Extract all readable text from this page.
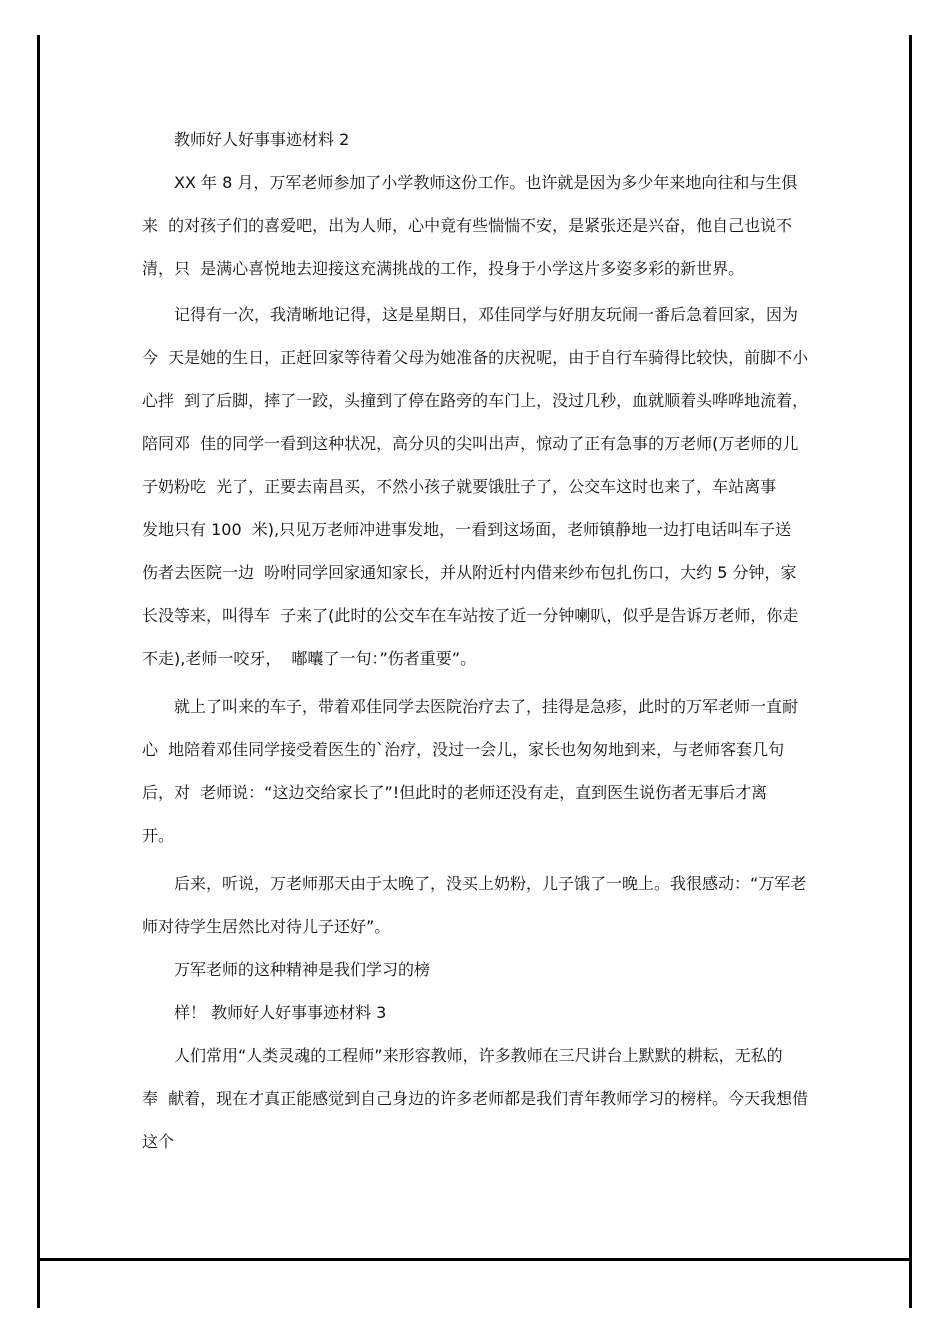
教师好人好事事迹材料 2
XX 年 8 月，万军老师参加了小学教师这份工作。也许就是因为多少年来地向往和与生俱
来  的对孩子们的喜爱吧，出为人师，心中竟有些惴惴不安，是紧张还是兴奋，他自己也说不
清，只  是满心喜悦地去迎接这充满挑战的工作，投身于小学这片多姿多彩的新世界。
记得有一次，我清晰地记得，这是星期日，邓佳同学与好朋友玩闹一番后急着回家，因为
今  天是她的生日，正赶回家等待着父母为她准备的庆祝呢，由于自行车骑得比较快，前脚不小
心拌  到了后脚，摔了一跤，头撞到了停在路旁的车门上，没过几秒，血就顺着头哗哗地流着，
陪同邓  佳的同学一看到这种状况，高分贝的尖叫出声，惊动了正有急事的万老师(万老师的儿
子奶粉吃  光了，正要去南昌买，不然小孩子就要饿肚子了，公交车这时也来了，车站离事
发地只有 100  米),只见万老师冲进事发地，一看到这场面，老师镇静地一边打电话叫车子送
伤者去医院一边  吩咐同学回家通知家长，并从附近村内借来纱布包扎伤口，大约 5 分钟，家
长没等来，叫得车  子来了(此时的公交车在车站按了近一分钟喇叭，似乎是告诉万老师，你走
不走),老师一咬牙，  嘟囔了一句：”伤者重要”。
就上了叫来的车子，带着邓佳同学去医院治疗去了，挂得是急疹，此时的万军老师一直耐
心  地陪着邓佳同学接受着医生的`治疗，没过一会儿，家长也匆匆地到来，与老师客套几句
后，对  老师说：“这边交给家长了”!但此时的老师还没有走，直到医生说伤者无事后才离
开。
后来，听说，万老师那天由于太晚了，没买上奶粉，儿子饿了一晚上。我很感动：“万军老
师对待学生居然比对待儿子还好”。
万军老师的这种精神是我们学习的榜
样！ 教师好人好事事迹材料 3
人们常用“人类灵魂的工程师”来形容教师，许多教师在三尺讲台上默默的耕耘，无私的
奉  献着，现在才真正能感觉到自己身边的许多老师都是我们青年教师学习的榜样。今天我想借
这个
